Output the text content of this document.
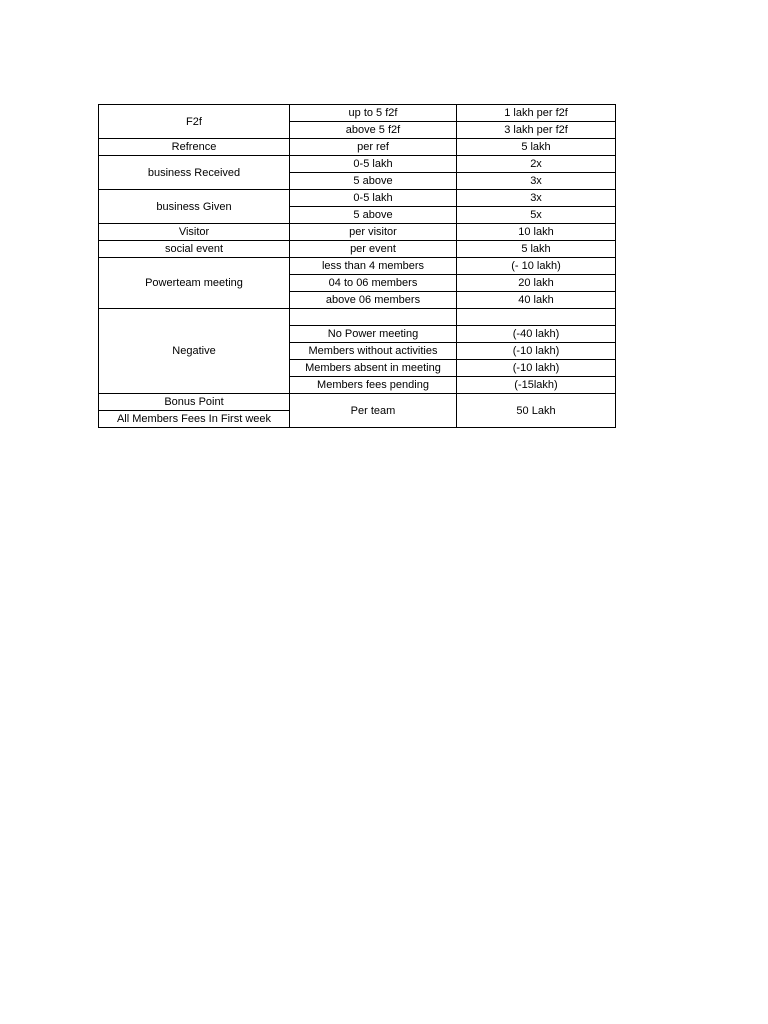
F2f	up to 5 f2f	1 lakh per f2f
	above 5 f2f	3 lakh per f2f
Refrence	per ref	5 lakh
business Received	0-5 lakh	2x
	5 above	3x
business Given	0-5 lakh	3x
	5 above	5x
Visitor	per visitor	10 lakh
social event	per event	5 lakh
Powerteam meeting	less than 4 members	(- 10 lakh)
	04 to 06 members	20 lakh
	above 06 members	40 lakh
Negative		
	No Power meeting	(-40 lakh)
	Members without activities	(-10 lakh)
	Members absent in meeting	(-10 lakh)
	Members fees pending	(-15lakh)
Bonus Point	Per team	50 Lakh
All Members Fees In First week		
